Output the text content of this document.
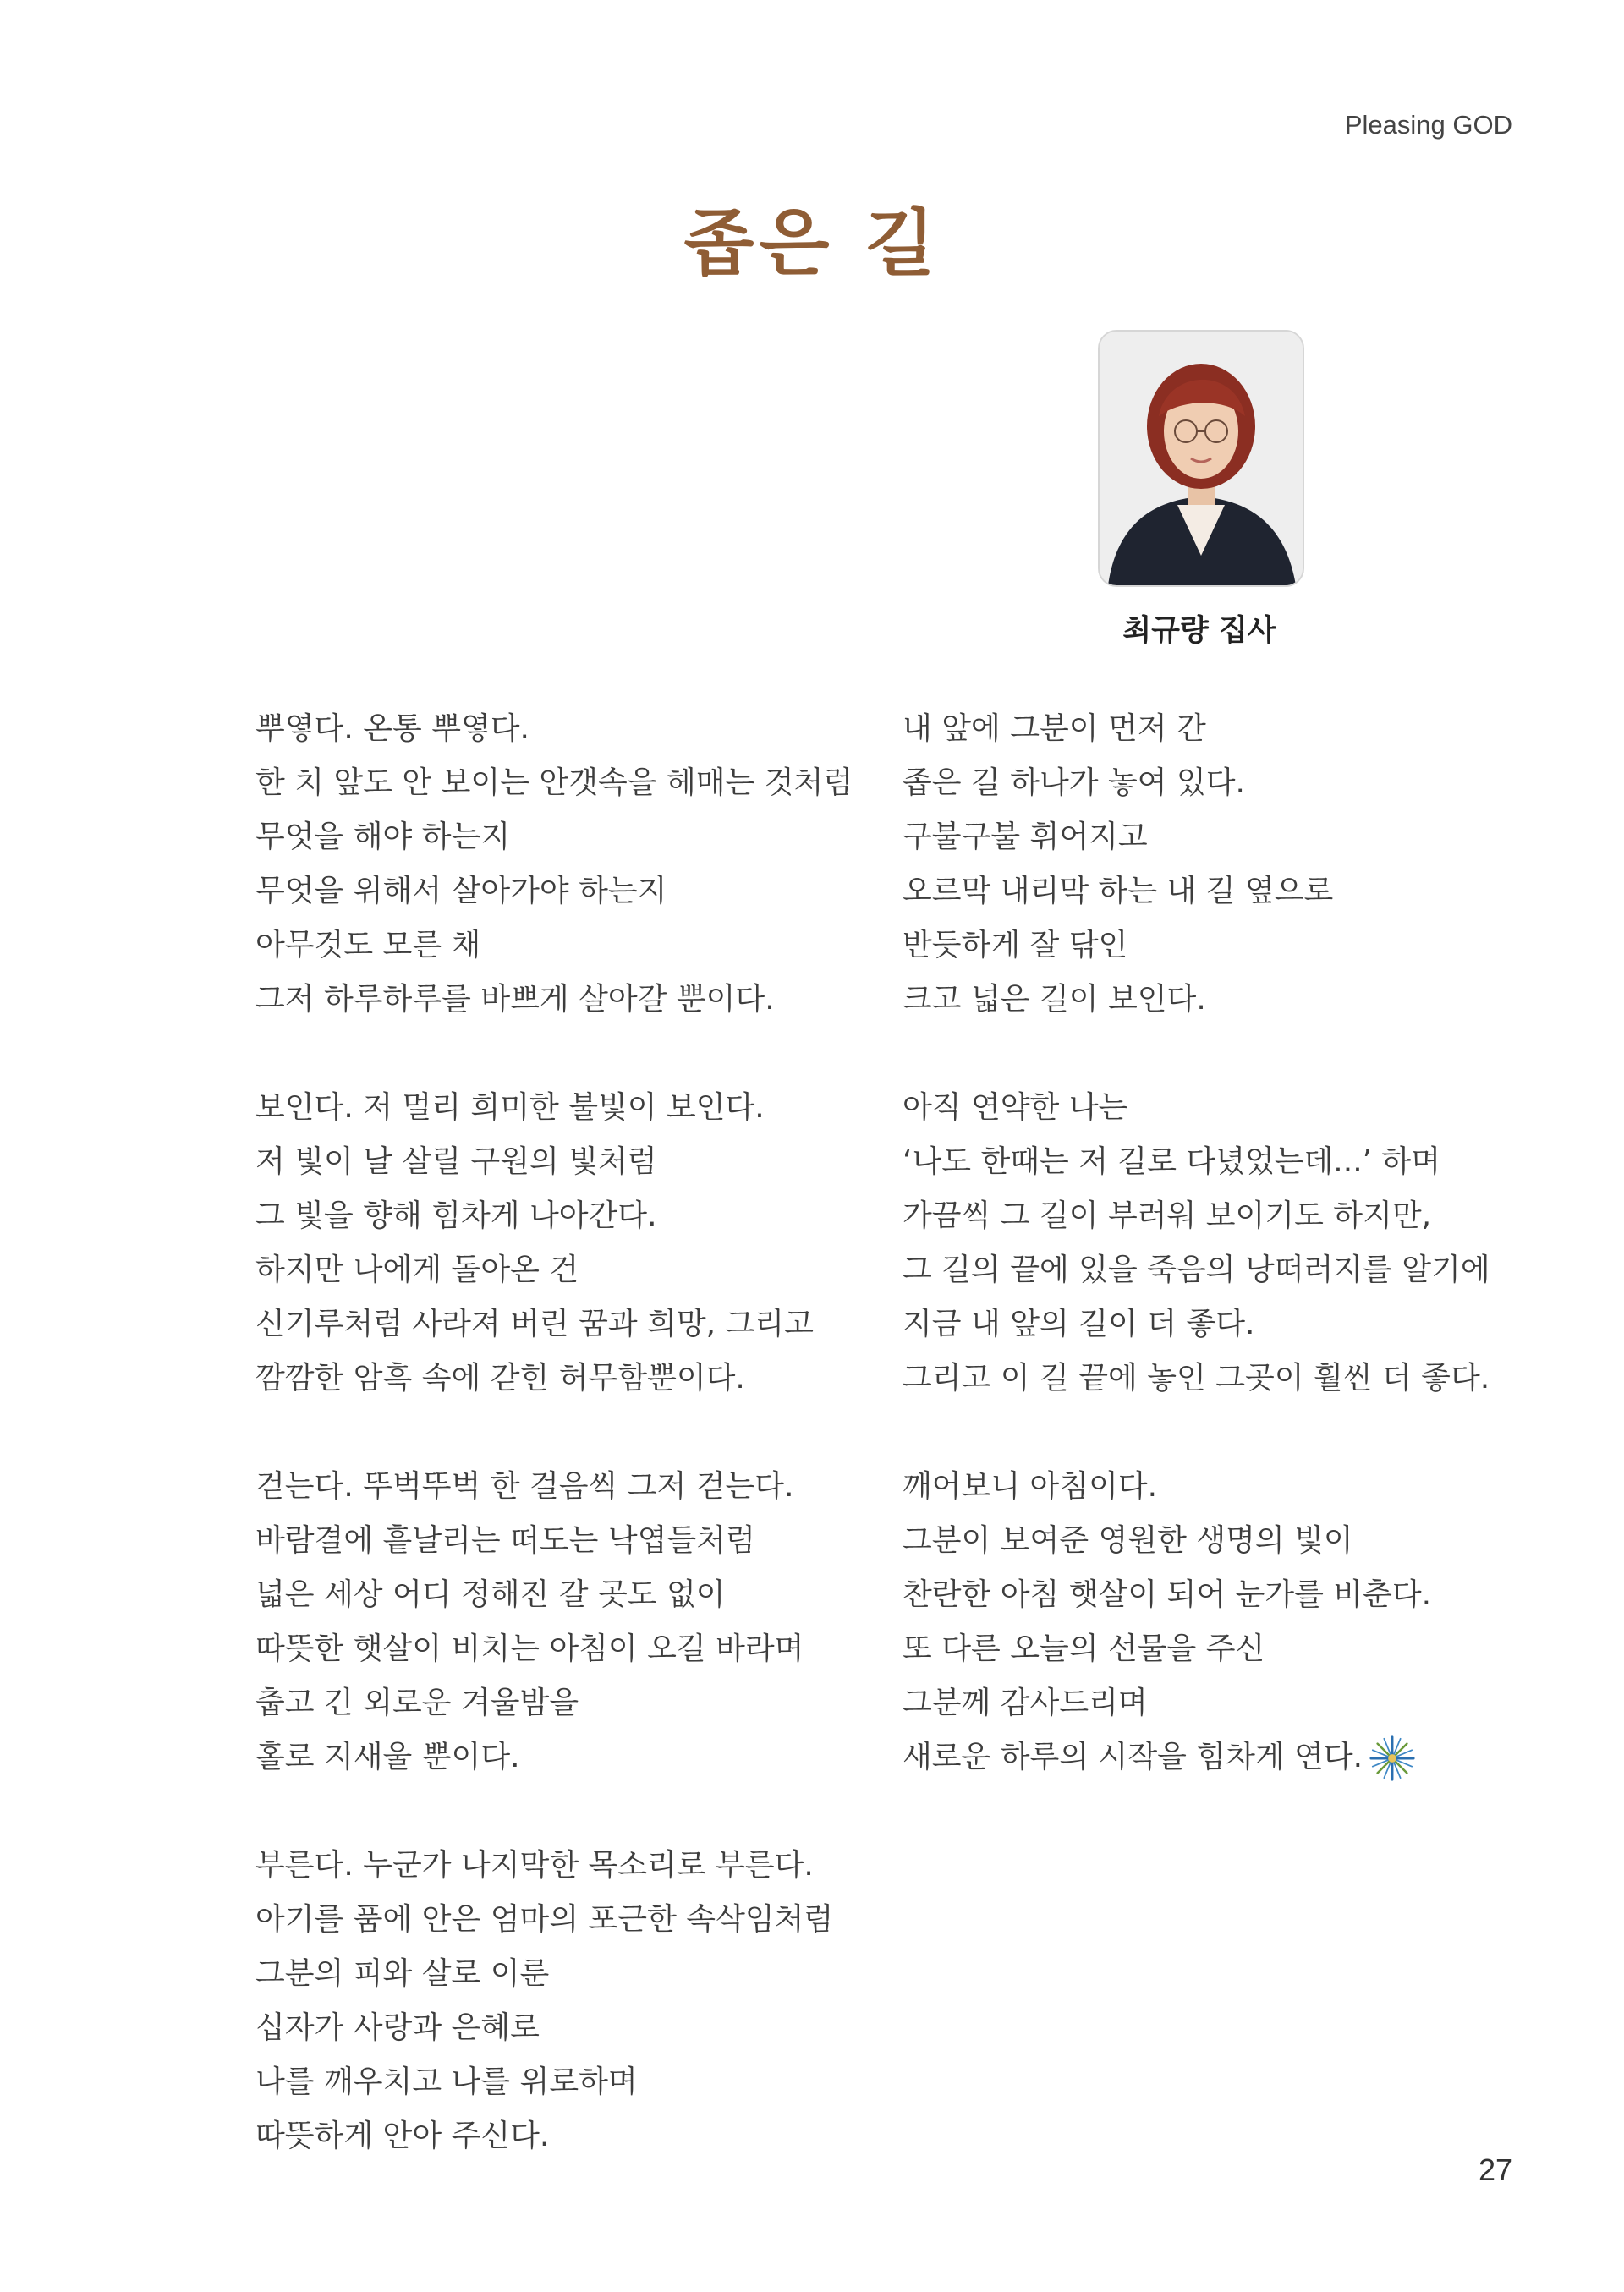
Pleasing GOD
좁은 길
최규량 집사
뿌옇다. 온통 뿌옇다.
한 치 앞도 안 보이는 안갯속을 헤매는 것처럼
무엇을 해야 하는지
무엇을 위해서 살아가야 하는지
아무것도 모른 채
그저 하루하루를 바쁘게 살아갈 뿐이다.
보인다. 저 멀리 희미한 불빛이 보인다.
저 빛이 날 살릴 구원의 빛처럼
그 빛을 향해 힘차게 나아간다.
하지만 나에게 돌아온 건
신기루처럼 사라져 버린 꿈과 희망, 그리고
깜깜한 암흑 속에 갇힌 허무함뿐이다.
걷는다. 뚜벅뚜벅 한 걸음씩 그저 걷는다.
바람결에 흩날리는 떠도는 낙엽들처럼
넓은 세상 어디 정해진 갈 곳도 없이
따뜻한 햇살이 비치는 아침이 오길 바라며
춥고 긴 외로운 겨울밤을
홀로 지새울 뿐이다.
부른다. 누군가 나지막한 목소리로 부른다.
아기를 품에 안은 엄마의 포근한 속삭임처럼
그분의 피와 살로 이룬
십자가 사랑과 은혜로
나를 깨우치고 나를 위로하며
따뜻하게 안아 주신다.
내 앞에 그분이 먼저 간
좁은 길 하나가 놓여 있다.
구불구불 휘어지고
오르막 내리막 하는 내 길 옆으로
반듯하게 잘 닦인
크고 넓은 길이 보인다.
아직 연약한 나는
‘나도 한때는 저 길로 다녔었는데...’ 하며
가끔씩 그 길이 부러워 보이기도 하지만,
그 길의 끝에 있을 죽음의 낭떠러지를 알기에
지금 내 앞의 길이 더 좋다.
그리고 이 길 끝에 놓인 그곳이 훨씬 더 좋다.
깨어보니 아침이다.
그분이 보여준 영원한 생명의 빛이
찬란한 아침 햇살이 되어 눈가를 비춘다.
또 다른 오늘의 선물을 주신
그분께 감사드리며
새로운 하루의 시작을 힘차게 연다.
27
